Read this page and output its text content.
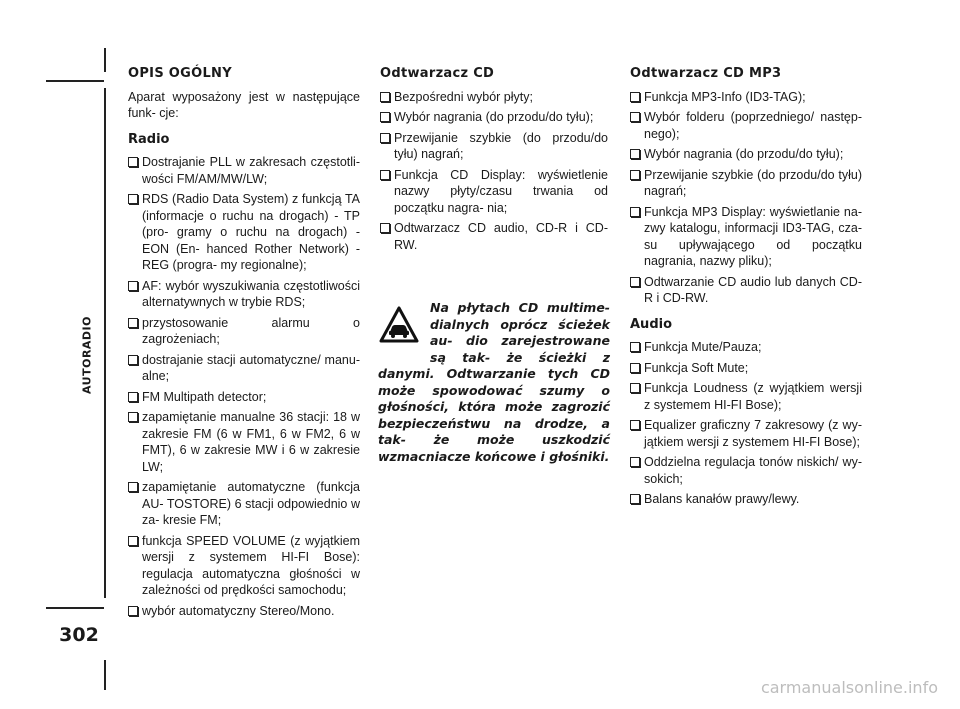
AUTORADIO
302
OPIS OGÓLNY

Aparat wyposażony jest w następujące funk- cje:

Radio
Dostrajanie PLL w zakresach częstotli- wości FM/AM/MW/LW;
RDS (Radio Data System) z funkcją TA (informacje o ruchu na drogach) - TP (pro- gramy o ruchu na drogach) - EON (En- hanced Rother Network) - REG (progra- my regionalne);
AF: wybór wyszukiwania częstotliwości alternatywnych w trybie RDS;
przystosowanie alarmu o zagrożeniach;
dostrajanie stacji automatyczne/ manu- alne;
FM Multipath detector;
zapamiętanie manualne 36 stacji: 18 w zakresie FM (6 w FM1, 6 w FM2, 6 w FMT), 6 w zakresie MW i 6 w zakresie LW;
zapamiętanie automatyczne (funkcja AU- TOSTORE) 6 stacji odpowiednio w za- kresie FM;
funkcja SPEED VOLUME (z wyjątkiem wersji z systemem HI-FI Bose): regulacja automatyczna głośności w zależności od prędkości samochodu;
wybór automatyczny Stereo/Mono.
Odtwarzacz CD
Bezpośredni wybór płyty;
Wybór nagrania (do przodu/do tyłu);
Przewijanie szybkie (do przodu/do tyłu) nagrań;
Funkcja CD Display: wyświetlenie nazwy płyty/czasu trwania od początku nagra- nia;
Odtwarzacz CD audio, CD-R i CD-RW.
Na płytach CD multime- dialnych oprócz ścieżek au- dio zarejestrowane są tak- że ścieżki z danymi. Odtwarzanie tych CD może spowodować szumy o głośności, która może zagrozić bezpieczeństwu na drodze, a tak- że może uszkodzić wzmacniacze końcowe i głośniki.
Odtwarzacz CD MP3
Funkcja MP3-Info (ID3-TAG);
Wybór folderu (poprzedniego/ następ- nego);
Wybór nagrania (do przodu/do tyłu);
Przewijanie szybkie (do przodu/do tyłu) nagrań;
Funkcja MP3 Display: wyświetlanie na- zwy katalogu, informacji ID3-TAG, cza- su upływającego od początku nagrania, nazwy pliku);
Odtwarzanie CD audio lub danych CD-R i CD-RW.
Audio
Funkcja Mute/Pauza;
Funkcja Soft Mute;
Funkcja Loudness (z wyjątkiem wersji z systemem HI-FI Bose);
Equalizer graficzny 7 zakresowy (z wy- jątkiem wersji z systemem HI-FI Bose);
Oddzielna regulacja tonów niskich/ wy- sokich;
Balans kanałów prawy/lewy.
carmanualsonline.info
